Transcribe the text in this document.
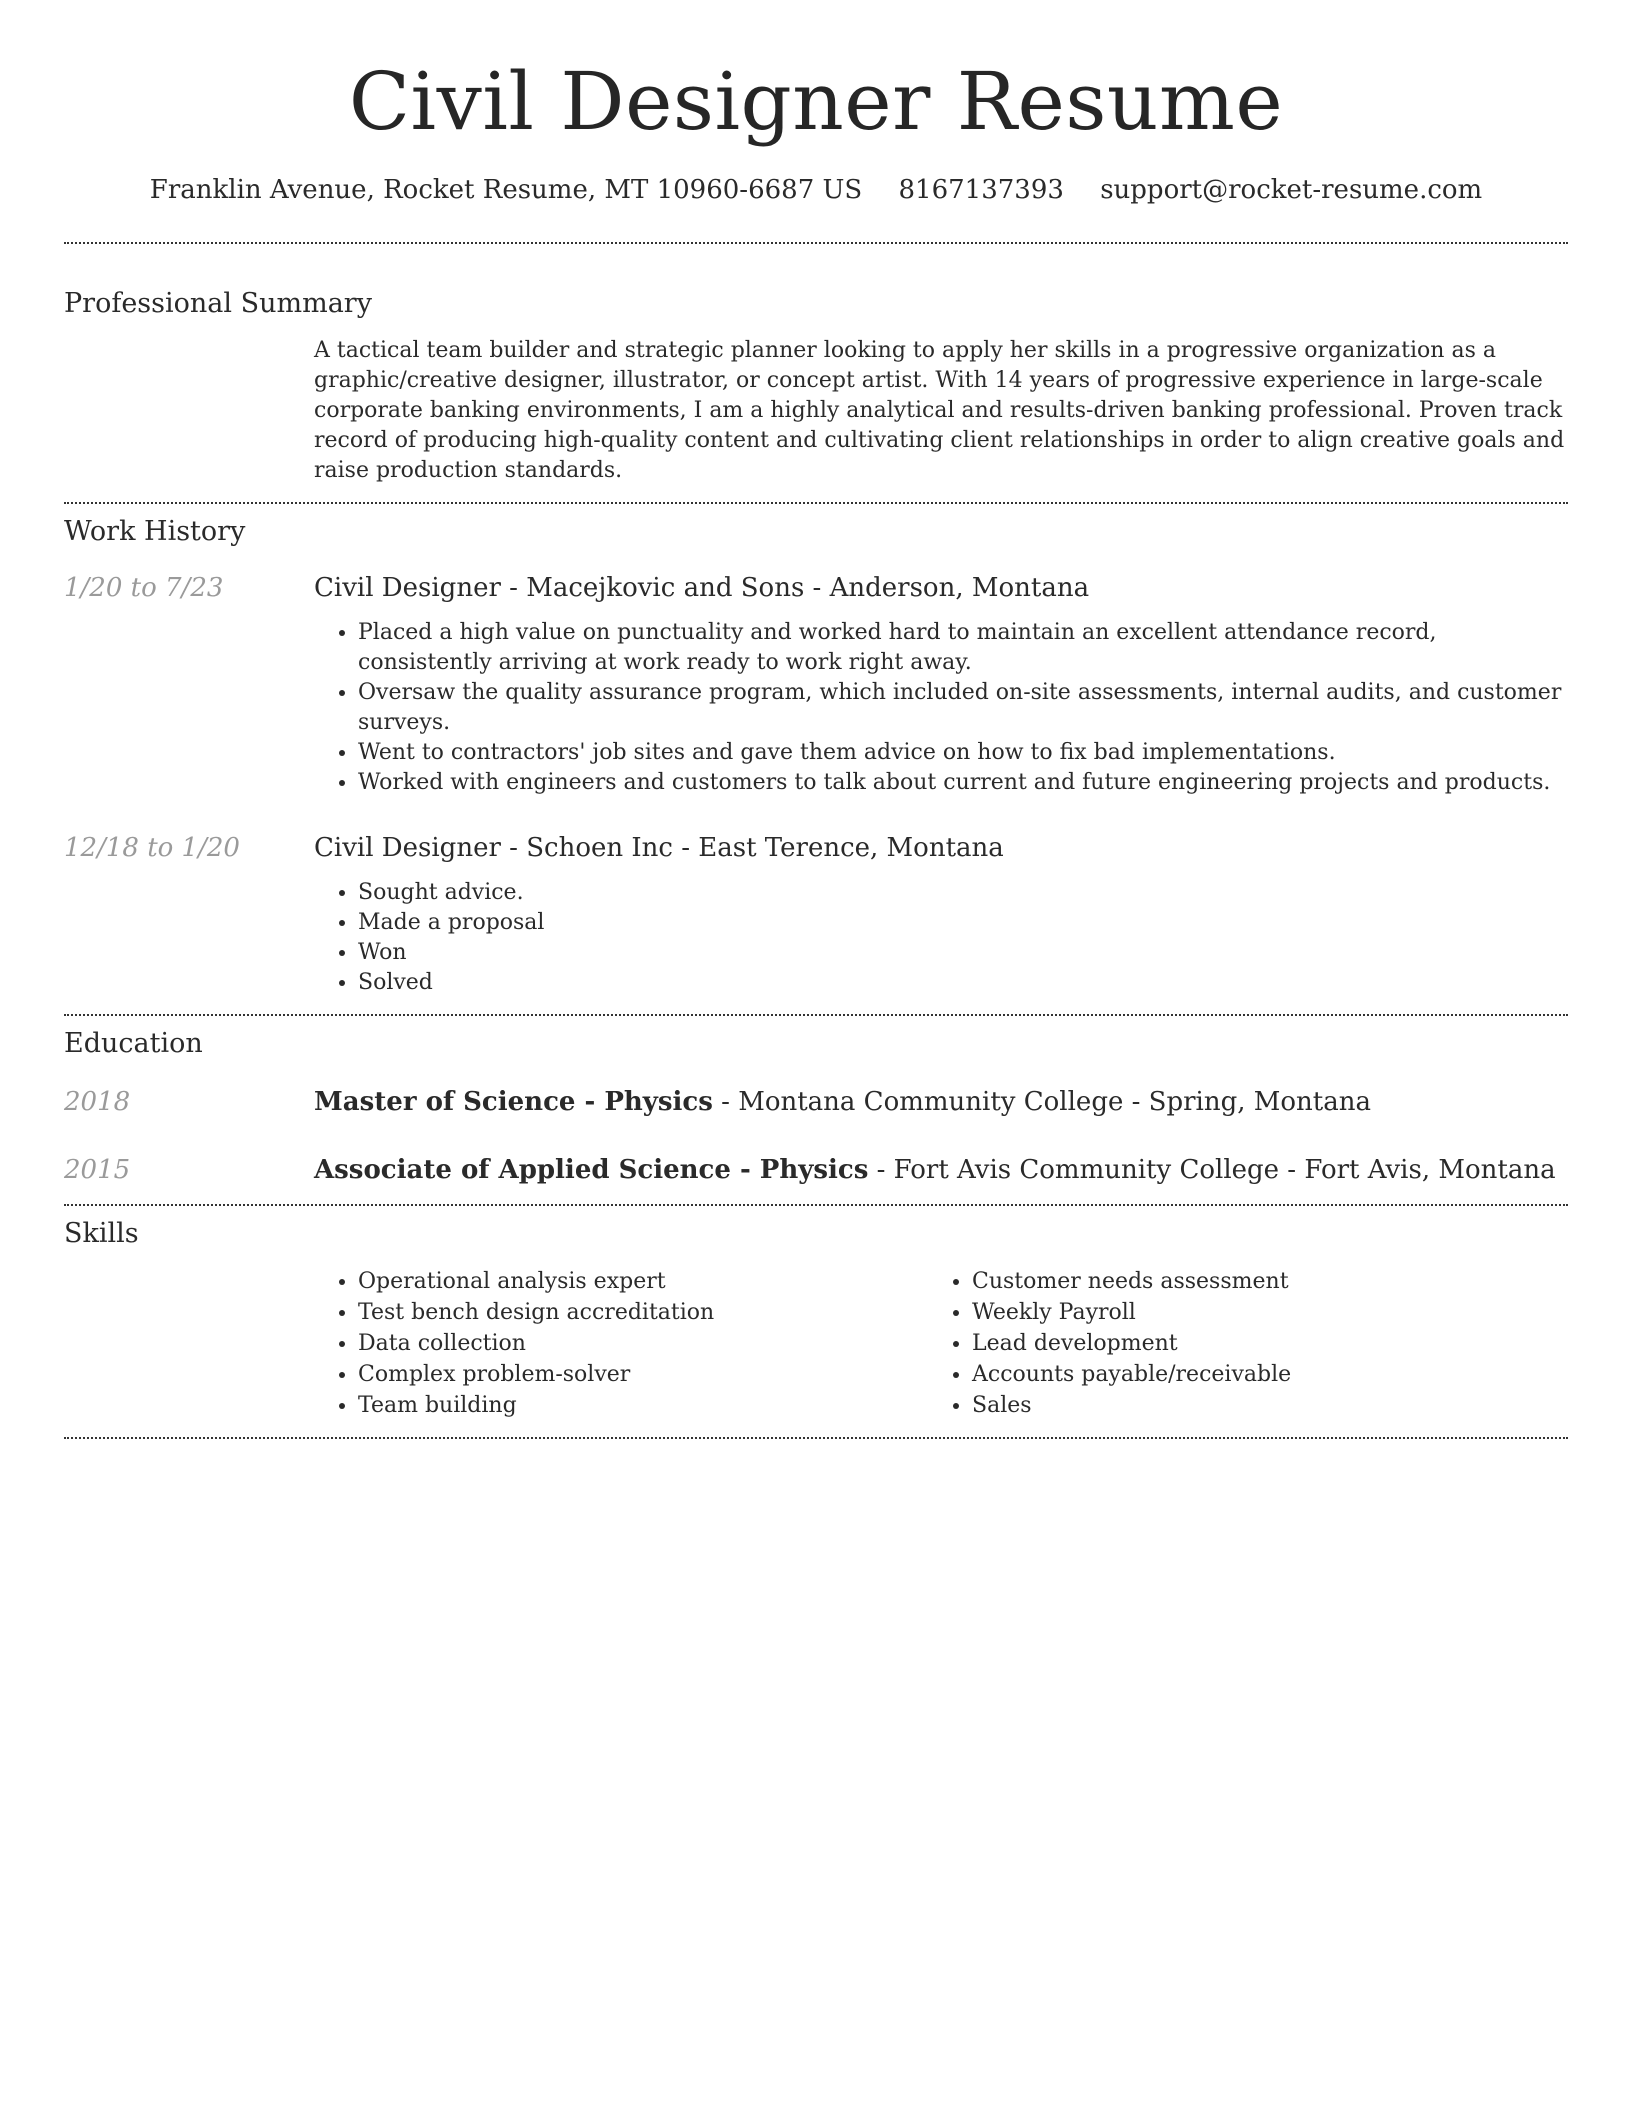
Civil Designer Resume
Franklin Avenue, Rocket Resume, MT 10960-6687 US 8167137393 support@rocket-resume.com
Professional Summary

A tactical team builder and strategic planner looking to apply her skills in a progressive organization as a graphic/creative designer, illustrator, or concept artist. With 14 years of progressive experience in large-scale corporate banking environments, I am a highly analytical and results-driven banking professional. Proven track record of producing high-quality content and cultivating client relationships in order to align creative goals and raise production standards.

Work History
1/20 to 7/23	Civil Designer - Macejkovic and Sons - Anderson, Montana
• Placed a high value on punctuality and worked hard to maintain an excellent attendance record, consistently arriving at work ready to work right away.
• Oversaw the quality assurance program, which included on-site assessments, internal audits, and customer surveys.
• Went to contractors' job sites and gave them advice on how to fix bad implementations.
• Worked with engineers and customers to talk about current and future engineering projects and products.
12/18 to 1/20	Civil Designer - Schoen Inc - East Terence, Montana
• Sought advice.
• Made a proposal
• Won
• Solved
Education
2018	Master of Science - Physics - Montana Community College - Spring, Montana
2015	Associate of Applied Science - Physics - Fort Avis Community College - Fort Avis, Montana
Skills
• Operational analysis expert
• Test bench design accreditation
• Data collection
• Complex problem-solver
• Team building
• Customer needs assessment
• Weekly Payroll
• Lead development
• Accounts payable/receivable
• Sales
